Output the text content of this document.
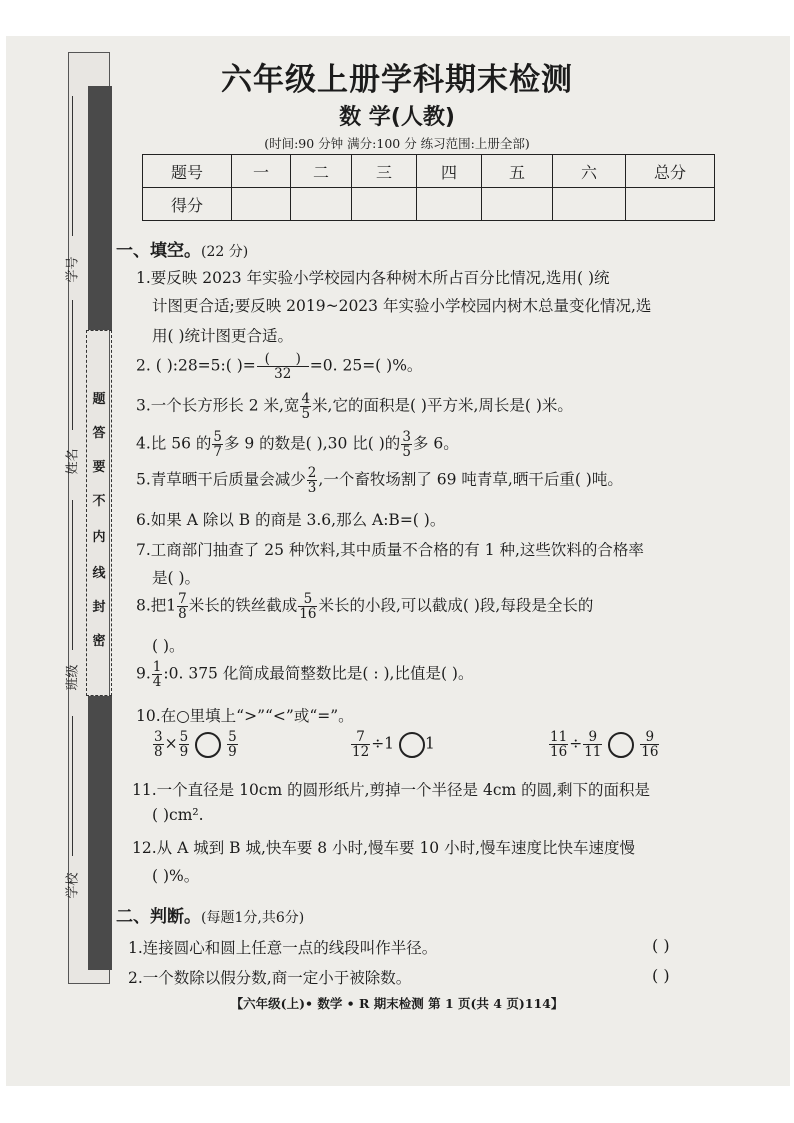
题
答
要
不
内
线
封
密
学号
姓名
班级
学校
六年级上册学科期末检测
数 学(人教)
(时间:90 分钟 满分:100 分 练习范围:上册全部)
题号	一	二	三	四	五	六	总分
得分							
一、填空。(22 分)
1.要反映 2023 年实验小学校园内各种树木所占百分比情况,选用( )统
计图更合适;要反映 2019~2023 年实验小学校园内树木总量变化情况,选
用( )统计图更合适。
2. ( ):28=5:( )= $\frac{( )}{32} =0$. 25=( )%。
3.一个长方形长 2 米,宽 $\frac{4}{5}$ 米,它的面积是( )平方米,周长是( )米。
4.比 56 的 $\frac{5}{7}$ 多 9 的数是( ),30 比( )的 $\frac{3}{5}$ 多 6。
5.青草晒干后质量会减少 $\frac{2}{3}$ ,一个畜牧场割了 69 吨青草,晒干后重( )吨。
6.如果 A 除以 B 的商是 3.6,那么 A:B=( )。
7.工商部门抽查了 25 种饮料,其中质量不合格的有 1 种,这些饮料的合格率
是( )。
8.把$1 \frac{7}{8}$ 米长的铁丝截成 $\frac{5}{16}$ 米长的小段,可以截成( )段,每段是全长的
( )。
9. $\frac{1}{4}$ :0. 375 化简成最简整数比是( : ),比值是( )。
10.在○里填上“>”“<”或“=”。
$\frac{3}{8} \times \frac{5}{9}$
	$\frac{5}{9}$	$\frac{7}{12} \div 1$ 1	$\frac{11}{16} \div \frac{9}{11}$
	$\frac{9}{16}$
11.一个直径是 10cm 的圆形纸片,剪掉一个半径是 4cm 的圆,剩下的面积是
( )cm².
12.从 A 城到 B 城,快车要 8 小时,慢车要 10 小时,慢车速度比快车速度慢
( )%。
二、判断。(每题1分,共6分)
1.连接圆心和圆上任意一点的线段叫作半径。	( )
2.一个数除以假分数,商一定小于被除数。	( )
【六年级(上)• 数学 • R 期末检测 第 1 页(共 4 页)114】
